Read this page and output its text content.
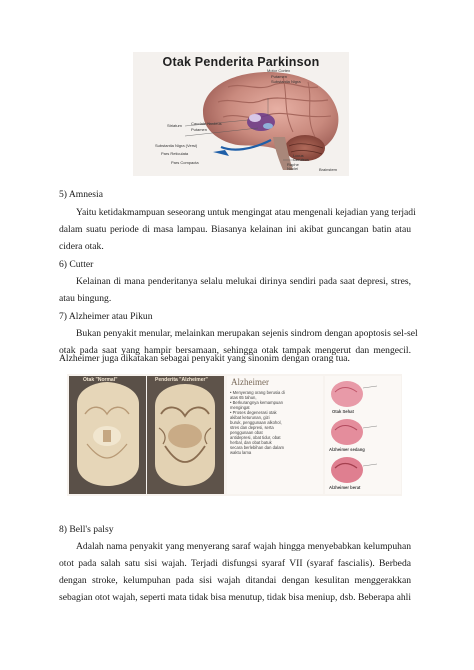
Otak Penderita Parkinson
Motor Cortex
Putamen
Substantia Nigra
Striatum Caudate Nucleus
Putamen
Substantia Nigra (Versi)
Pars Reticulata
Pars Compacta
Locus Ceruleus
Raphe Nuclei	Brainstem
5) Amnesia
Yaitu ketidakmampuan seseorang untuk mengingat atau mengenali kejadian yang terjadi
dalam suatu periode di masa lampau. Biasanya kelainan ini akibat guncangan batin atau
cidera otak.
6) Cutter
Kelainan di mana penderitanya selalu melukai dirinya sendiri pada saat depresi, stres,
atau bingung.
7) Alzheimer atau Pikun
Bukan penyakit menular, melainkan merupakan sejenis sindrom dengan apoptosis sel-sel
otak pada saat yang hampir bersamaan, sehingga otak tampak mengerut dan mengecil.
Alzheimer juga dikatakan sebagai penyakit yang sinonim dengan orang tua.
Otak "Normal"	Penderita "Alzheimer"	Alzheimer
• Menyerang orang berusia di
atas 65 tahun,
• Berkurangnya kemampuan
mengingat
• Proses degenerasi otak
akibat keturunan, gizi
buruk, penggunaan alkohol,
stres dan depresi, serta
penggunaan obat
antidepresi, obat tidur, obat
herbal, dan obat batuk
secara berlebihan dan dalam
waktu lama
Otak Sehat
Alzheimer sedang
Alzheimer berat
8) Bell's palsy
Adalah nama penyakit yang menyerang saraf wajah hingga menyebabkan kelumpuhan
otot pada salah satu sisi wajah. Terjadi disfungsi syaraf VII (syaraf fascialis). Berbeda
dengan stroke, kelumpuhan pada sisi wajah ditandai dengan kesulitan menggerakkan
sebagian otot wajah, seperti mata tidak bisa menutup, tidak bisa meniup, dsb. Beberapa ahli
